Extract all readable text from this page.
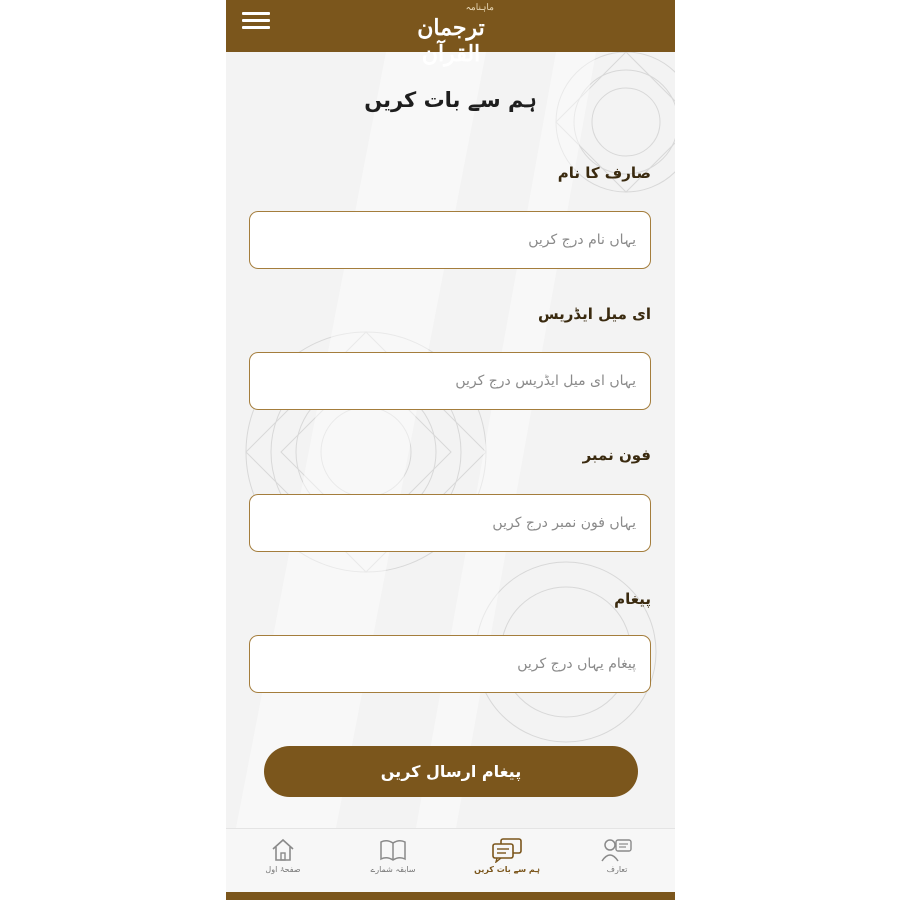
ماہنامہ
ترجمان القرآن
ہم سے بات کریں
صارف کا نام
یہاں نام درج کریں
ای میل ایڈریس
یہاں ای میل ایڈریس درج کریں
فون نمبر
یہاں فون نمبر درج کریں
پیغام
پیغام یہاں درج کریں
پیغام ارسال کریں
صفحۂ اول	سابقہ شمارے	ہم سے بات کریں	تعارف
